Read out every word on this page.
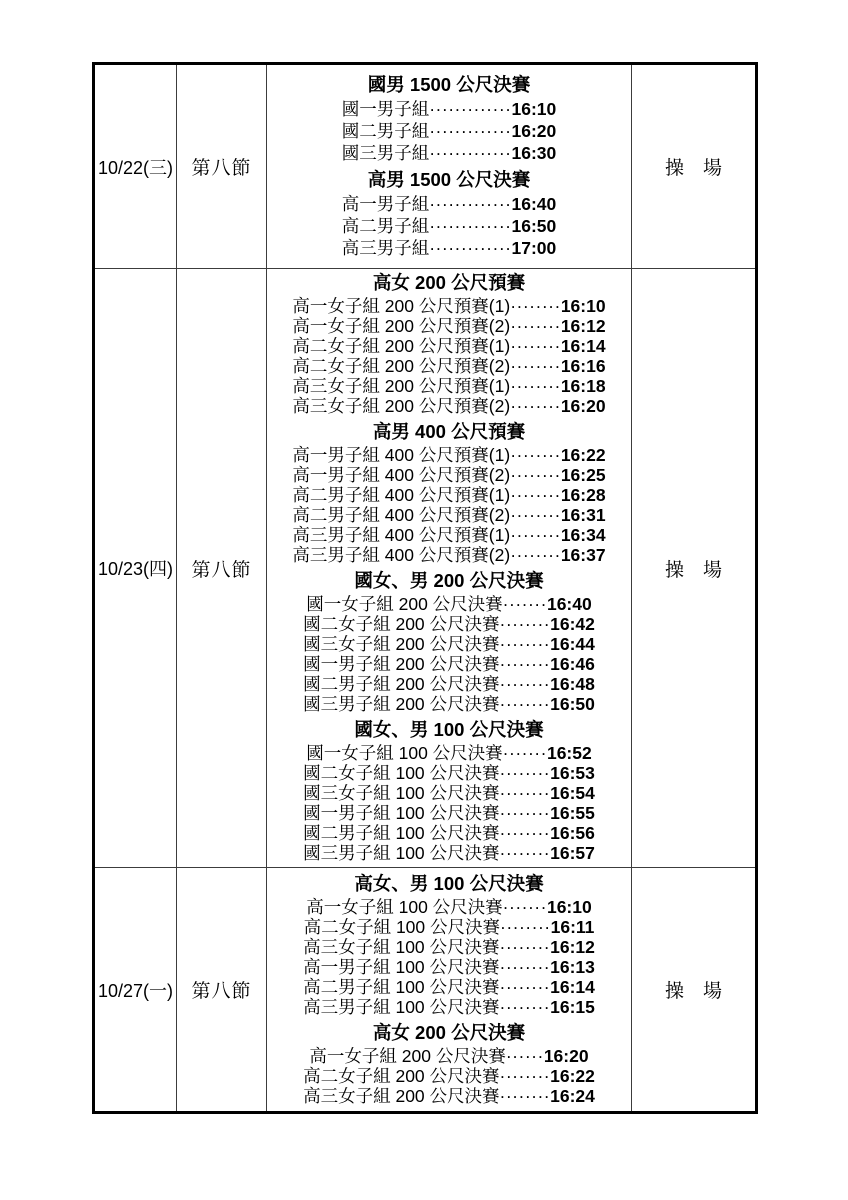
10/22(三)	第八節	
國男 1500 公尺決賽
國一男子組·············16:10
國二男子組·············16:20
國三男子組·············16:30
高男 1500 公尺決賽
高一男子組·············16:40
高二男子組·············16:50
高三男子組·············17:00
	操　場
10/23(四)	第八節	
高女 200 公尺預賽
高一女子組 200 公尺預賽(1)········16:10
高一女子組 200 公尺預賽(2)········16:12
高二女子組 200 公尺預賽(1)········16:14
高二女子組 200 公尺預賽(2)········16:16
高三女子組 200 公尺預賽(1)········16:18
高三女子組 200 公尺預賽(2)········16:20
高男 400 公尺預賽
高一男子組 400 公尺預賽(1)········16:22
高一男子組 400 公尺預賽(2)········16:25
高二男子組 400 公尺預賽(1)········16:28
高二男子組 400 公尺預賽(2)········16:31
高三男子組 400 公尺預賽(1)········16:34
高三男子組 400 公尺預賽(2)········16:37
國女、男 200 公尺決賽
國一女子組 200 公尺決賽·······16:40
國二女子組 200 公尺決賽········16:42
國三女子組 200 公尺決賽········16:44
國一男子組 200 公尺決賽········16:46
國二男子組 200 公尺決賽········16:48
國三男子組 200 公尺決賽········16:50
國女、男 100 公尺決賽
國一女子組 100 公尺決賽·······16:52
國二女子組 100 公尺決賽········16:53
國三女子組 100 公尺決賽········16:54
國一男子組 100 公尺決賽········16:55
國二男子組 100 公尺決賽········16:56
國三男子組 100 公尺決賽········16:57
	操　場
10/27(一)	第八節	
高女、男 100 公尺決賽
高一女子組 100 公尺決賽·······16:10
高二女子組 100 公尺決賽········16:11
高三女子組 100 公尺決賽········16:12
高一男子組 100 公尺決賽········16:13
高二男子組 100 公尺決賽········16:14
高三男子組 100 公尺決賽········16:15
高女 200 公尺決賽
高一女子組 200 公尺決賽······16:20
高二女子組 200 公尺決賽········16:22
高三女子組 200 公尺決賽········16:24
	操　場
